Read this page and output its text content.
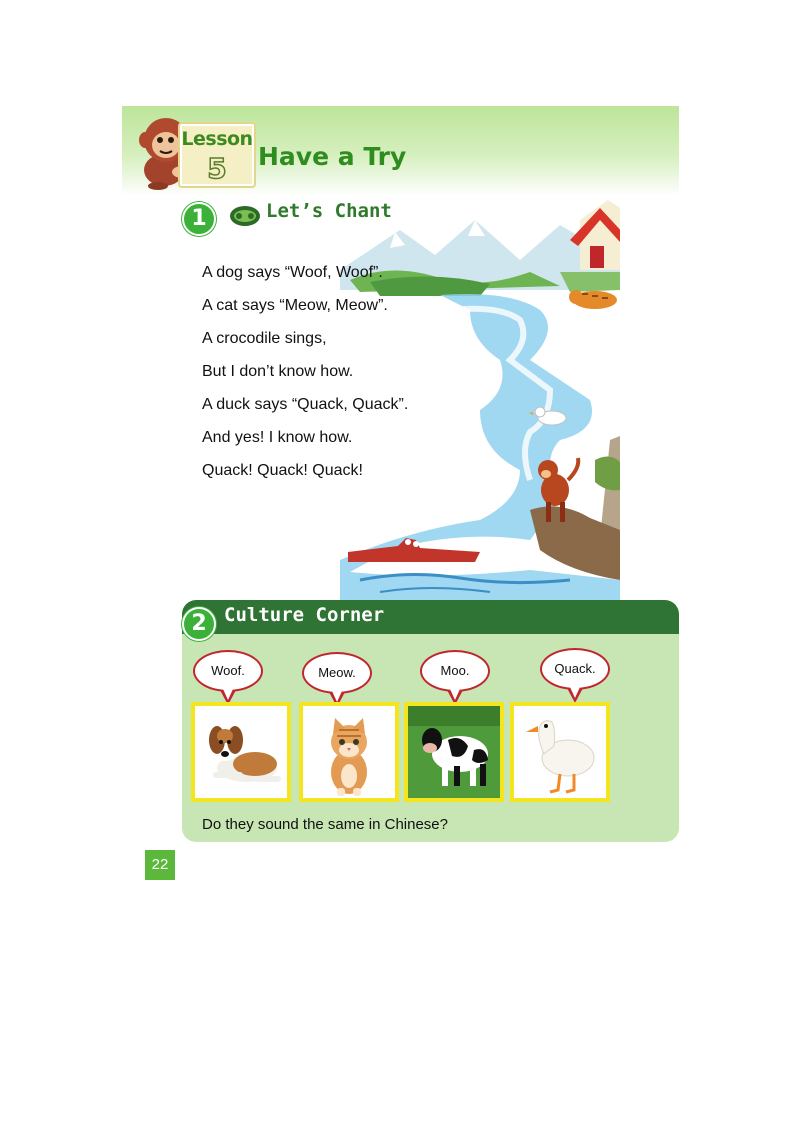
Lesson
5	Have a Try
1	Let’s Chant
A dog says “Woof, Woof”.
A cat says “Meow, Meow”.
A crocodile sings,
But I don’t know how.
A duck says “Quack, Quack”.
And yes! I know how.
Quack! Quack! Quack!
2 Culture Corner
Woof.	Meow.	Moo.	Quack.
Do they sound the same in Chinese?
22
